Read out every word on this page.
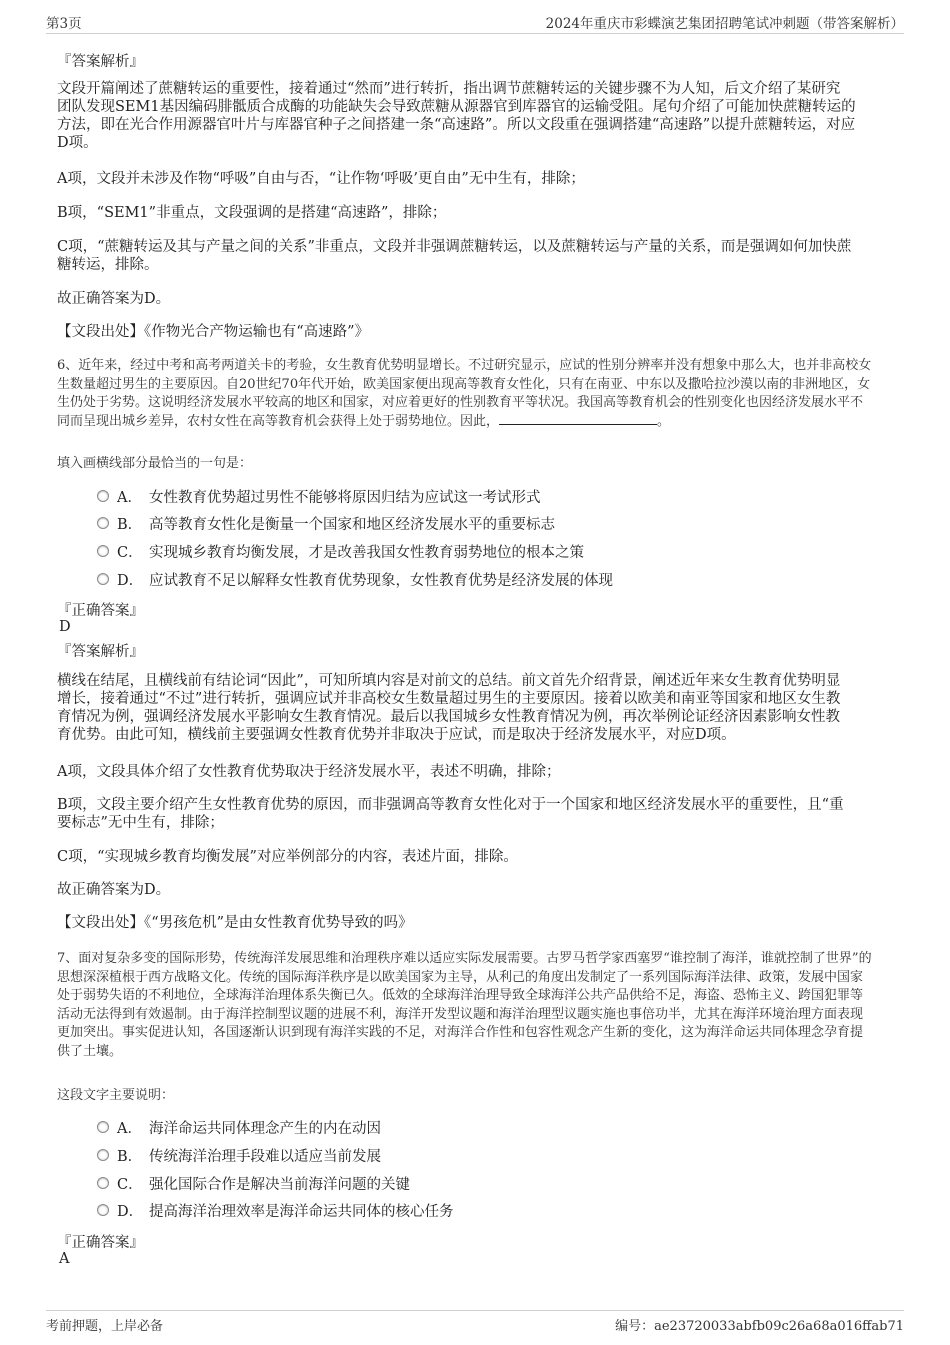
第3页	2024年重庆市彩蝶演艺集团招聘笔试冲刺题（带答案解析）
『答案解析』
文段开篇阐述了蔗糖转运的重要性，接着通过“然而”进行转折，指出调节蔗糖转运的关键步骤不为人知，后文介绍了某研究
团队发现SEM1基因编码腓骶质合成酶的功能缺失会导致蔗糖从源器官到库器官的运输受阻。尾句介绍了可能加快蔗糖转运的
方法，即在光合作用源器官叶片与库器官种子之间搭建一条“高速路”。所以文段重在强调搭建“高速路”以提升蔗糖转运，对应
D项。
A项，文段并未涉及作物“呼吸”自由与否，“让作物‘呼吸’更自由”无中生有，排除；
B项，“SEM1”非重点，文段强调的是搭建“高速路”，排除；
C项，“蔗糖转运及其与产量之间的关系”非重点，文段并非强调蔗糖转运，以及蔗糖转运与产量的关系，而是强调如何加快蔗
糖转运，排除。
故正确答案为D。
【文段出处】《作物光合产物运输也有“高速路”》
6、近年来，经过中考和高考两道关卡的考验，女生教育优势明显增长。不过研究显示，应试的性别分辨率并没有想象中那么大，也并非高校女
生数量超过男生的主要原因。自20世纪70年代开始，欧美国家便出现高等教育女性化，只有在南亚、中东以及撒哈拉沙漠以南的非洲地区，女
生仍处于劣势。这说明经济发展水平较高的地区和国家，对应着更好的性别教育平等状况。我国高等教育机会的性别变化也因经济发展水平不
同而呈现出城乡差异，农村女性在高等教育机会获得上处于弱势地位。因此，	。
填入画横线部分最恰当的一句是：
A． 女性教育优势超过男性不能够将原因归结为应试这一考试形式
B． 高等教育女性化是衡量一个国家和地区经济发展水平的重要标志
C． 实现城乡教育均衡发展，才是改善我国女性教育弱势地位的根本之策
D． 应试教育不足以解释女性教育优势现象，女性教育优势是经济发展的体现
『正确答案』
D
『答案解析』
横线在结尾，且横线前有结论词“因此”，可知所填内容是对前文的总结。前文首先介绍背景，阐述近年来女生教育优势明显
增长，接着通过“不过”进行转折，强调应试并非高校女生数量超过男生的主要原因。接着以欧美和南亚等国家和地区女生教
育情况为例，强调经济发展水平影响女生教育情况。最后以我国城乡女性教育情况为例，再次举例论证经济因素影响女性教
育优势。由此可知，横线前主要强调女性教育优势并非取决于应试，而是取决于经济发展水平，对应D项。
A项，文段具体介绍了女性教育优势取决于经济发展水平，表述不明确，排除；
B项，文段主要介绍产生女性教育优势的原因，而非强调高等教育女性化对于一个国家和地区经济发展水平的重要性，且“重
要标志”无中生有，排除；
C项，“实现城乡教育均衡发展”对应举例部分的内容，表述片面，排除。
故正确答案为D。
【文段出处】《“男孩危机”是由女性教育优势导致的吗》
7、面对复杂多变的国际形势，传统海洋发展思维和治理秩序难以适应实际发展需要。古罗马哲学家西塞罗“谁控制了海洋，谁就控制了世界”的
思想深深植根于西方战略文化。传统的国际海洋秩序是以欧美国家为主导，从利己的角度出发制定了一系列国际海洋法律、政策，发展中国家
处于弱势失语的不利地位，全球海洋治理体系失衡已久。低效的全球海洋治理导致全球海洋公共产品供给不足，海盗、恐怖主义、跨国犯罪等
活动无法得到有效遏制。由于海洋控制型议题的进展不利，海洋开发型议题和海洋治理型议题实施也事倍功半，尤其在海洋环境治理方面表现
更加突出。事实促进认知，各国逐渐认识到现有海洋实践的不足，对海洋合作性和包容性观念产生新的变化，这为海洋命运共同体理念孕育提
供了土壤。
这段文字主要说明：
A． 海洋命运共同体理念产生的内在动因
B． 传统海洋治理手段难以适应当前发展
C． 强化国际合作是解决当前海洋问题的关键
D． 提高海洋治理效率是海洋命运共同体的核心任务
『正确答案』
A
考前押题，上岸必备	编号：ae23720033abfb09c26a68a016ffab71
